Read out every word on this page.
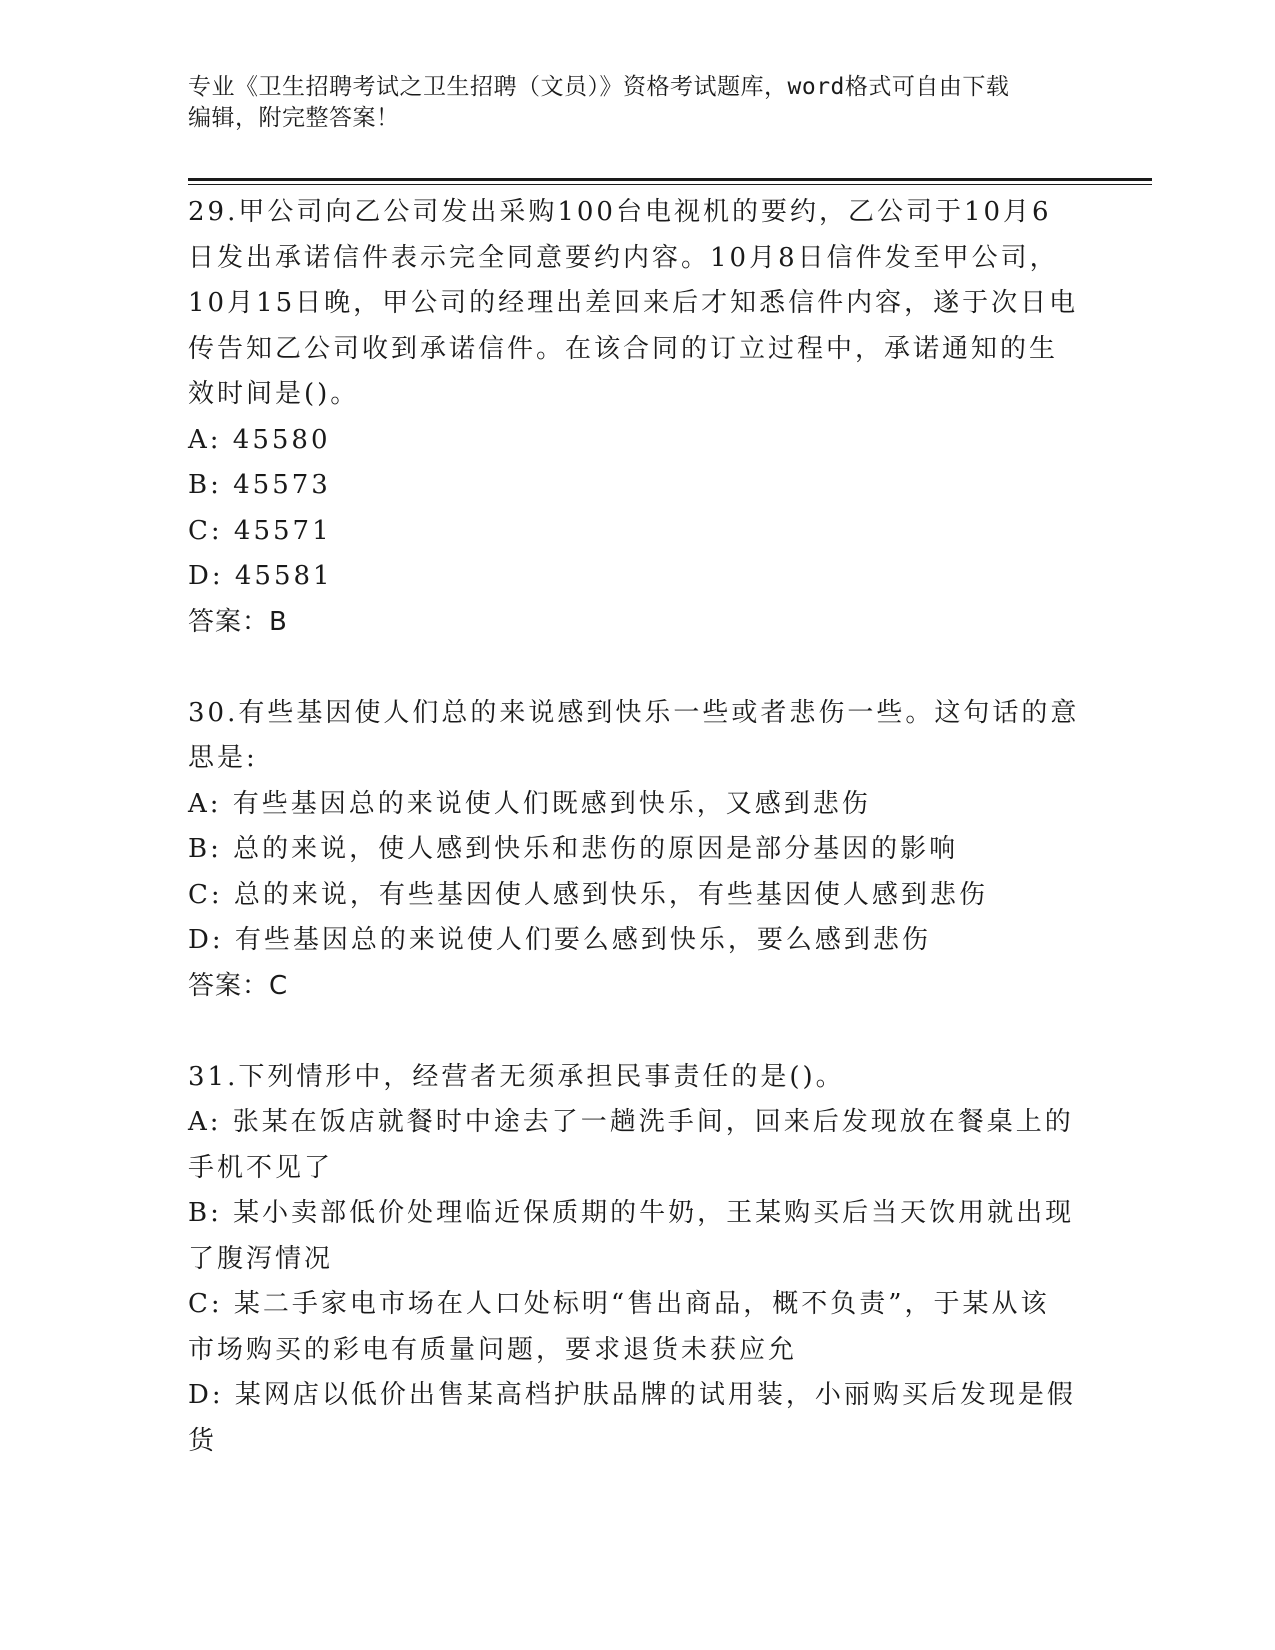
专业《卫生招聘考试之卫生招聘（文员）》资格考试题库，word格式可自由下载
编辑，附完整答案！
29.甲公司向乙公司发出采购100台电视机的要约，乙公司于10月6
日发出承诺信件表示完全同意要约内容。10月8日信件发至甲公司，
10月15日晚，甲公司的经理出差回来后才知悉信件内容，遂于次日电
传告知乙公司收到承诺信件。在该合同的订立过程中，承诺通知的生
效时间是()。
A: 45580
B: 45573
C: 45571
D: 45581
答案：B
30.有些基因使人们总的来说感到快乐一些或者悲伤一些。这句话的意
思是:
A: 有些基因总的来说使人们既感到快乐，又感到悲伤
B: 总的来说，使人感到快乐和悲伤的原因是部分基因的影响
C: 总的来说，有些基因使人感到快乐，有些基因使人感到悲伤
D: 有些基因总的来说使人们要么感到快乐，要么感到悲伤
答案：C
31.下列情形中，经营者无须承担民事责任的是()。
A: 张某在饭店就餐时中途去了一趟洗手间，回来后发现放在餐桌上的
手机不见了
B: 某小卖部低价处理临近保质期的牛奶，王某购买后当天饮用就出现
了腹泻情况
C: 某二手家电市场在人口处标明“售出商品，概不负责”，于某从该
市场购买的彩电有质量问题，要求退货未获应允
D: 某网店以低价出售某高档护肤品牌的试用装，小丽购买后发现是假
货
